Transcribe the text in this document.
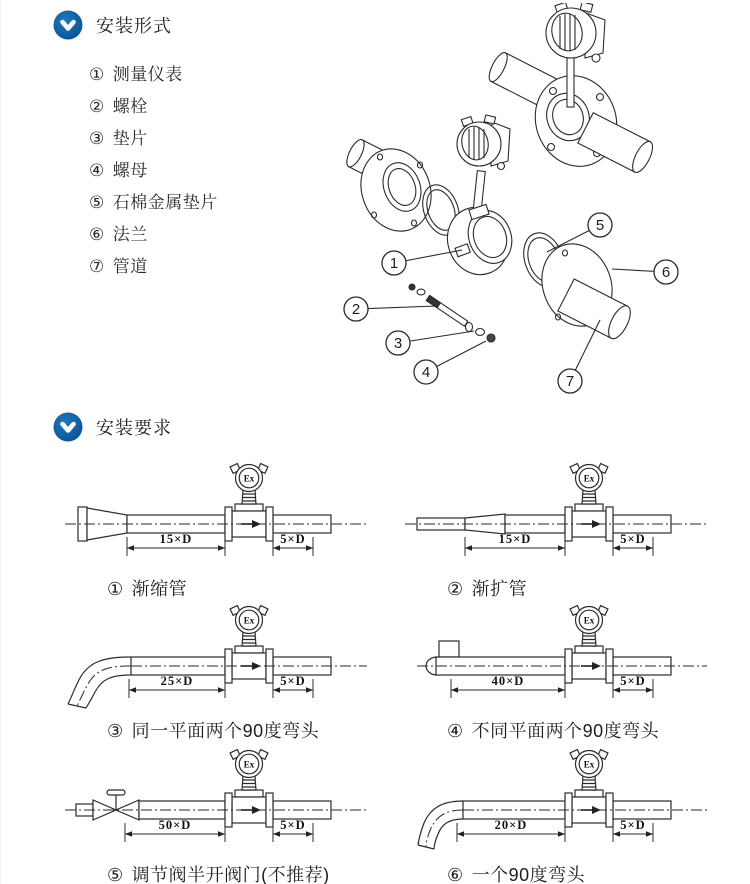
安装形式
① 测量仪表
② 螺栓
③ 垫片
④ 螺母
⑤ 石棉金属垫片
⑥ 法兰
⑦ 管道	1
2
3
4
5
6
7
安装要求
Ex
15×D	5×D
① 渐缩管
Ex
15×D	5×D
② 渐扩管
Ex
25×D	5×D
③ 同一平面两个90度弯头
Ex
40×D	5×D
④ 不同平面两个90度弯头
Ex
50×D	5×D
⑤ 调节阀半开阀门(不推荐)
Ex
20×D	5×D
⑥ 一个90度弯头
